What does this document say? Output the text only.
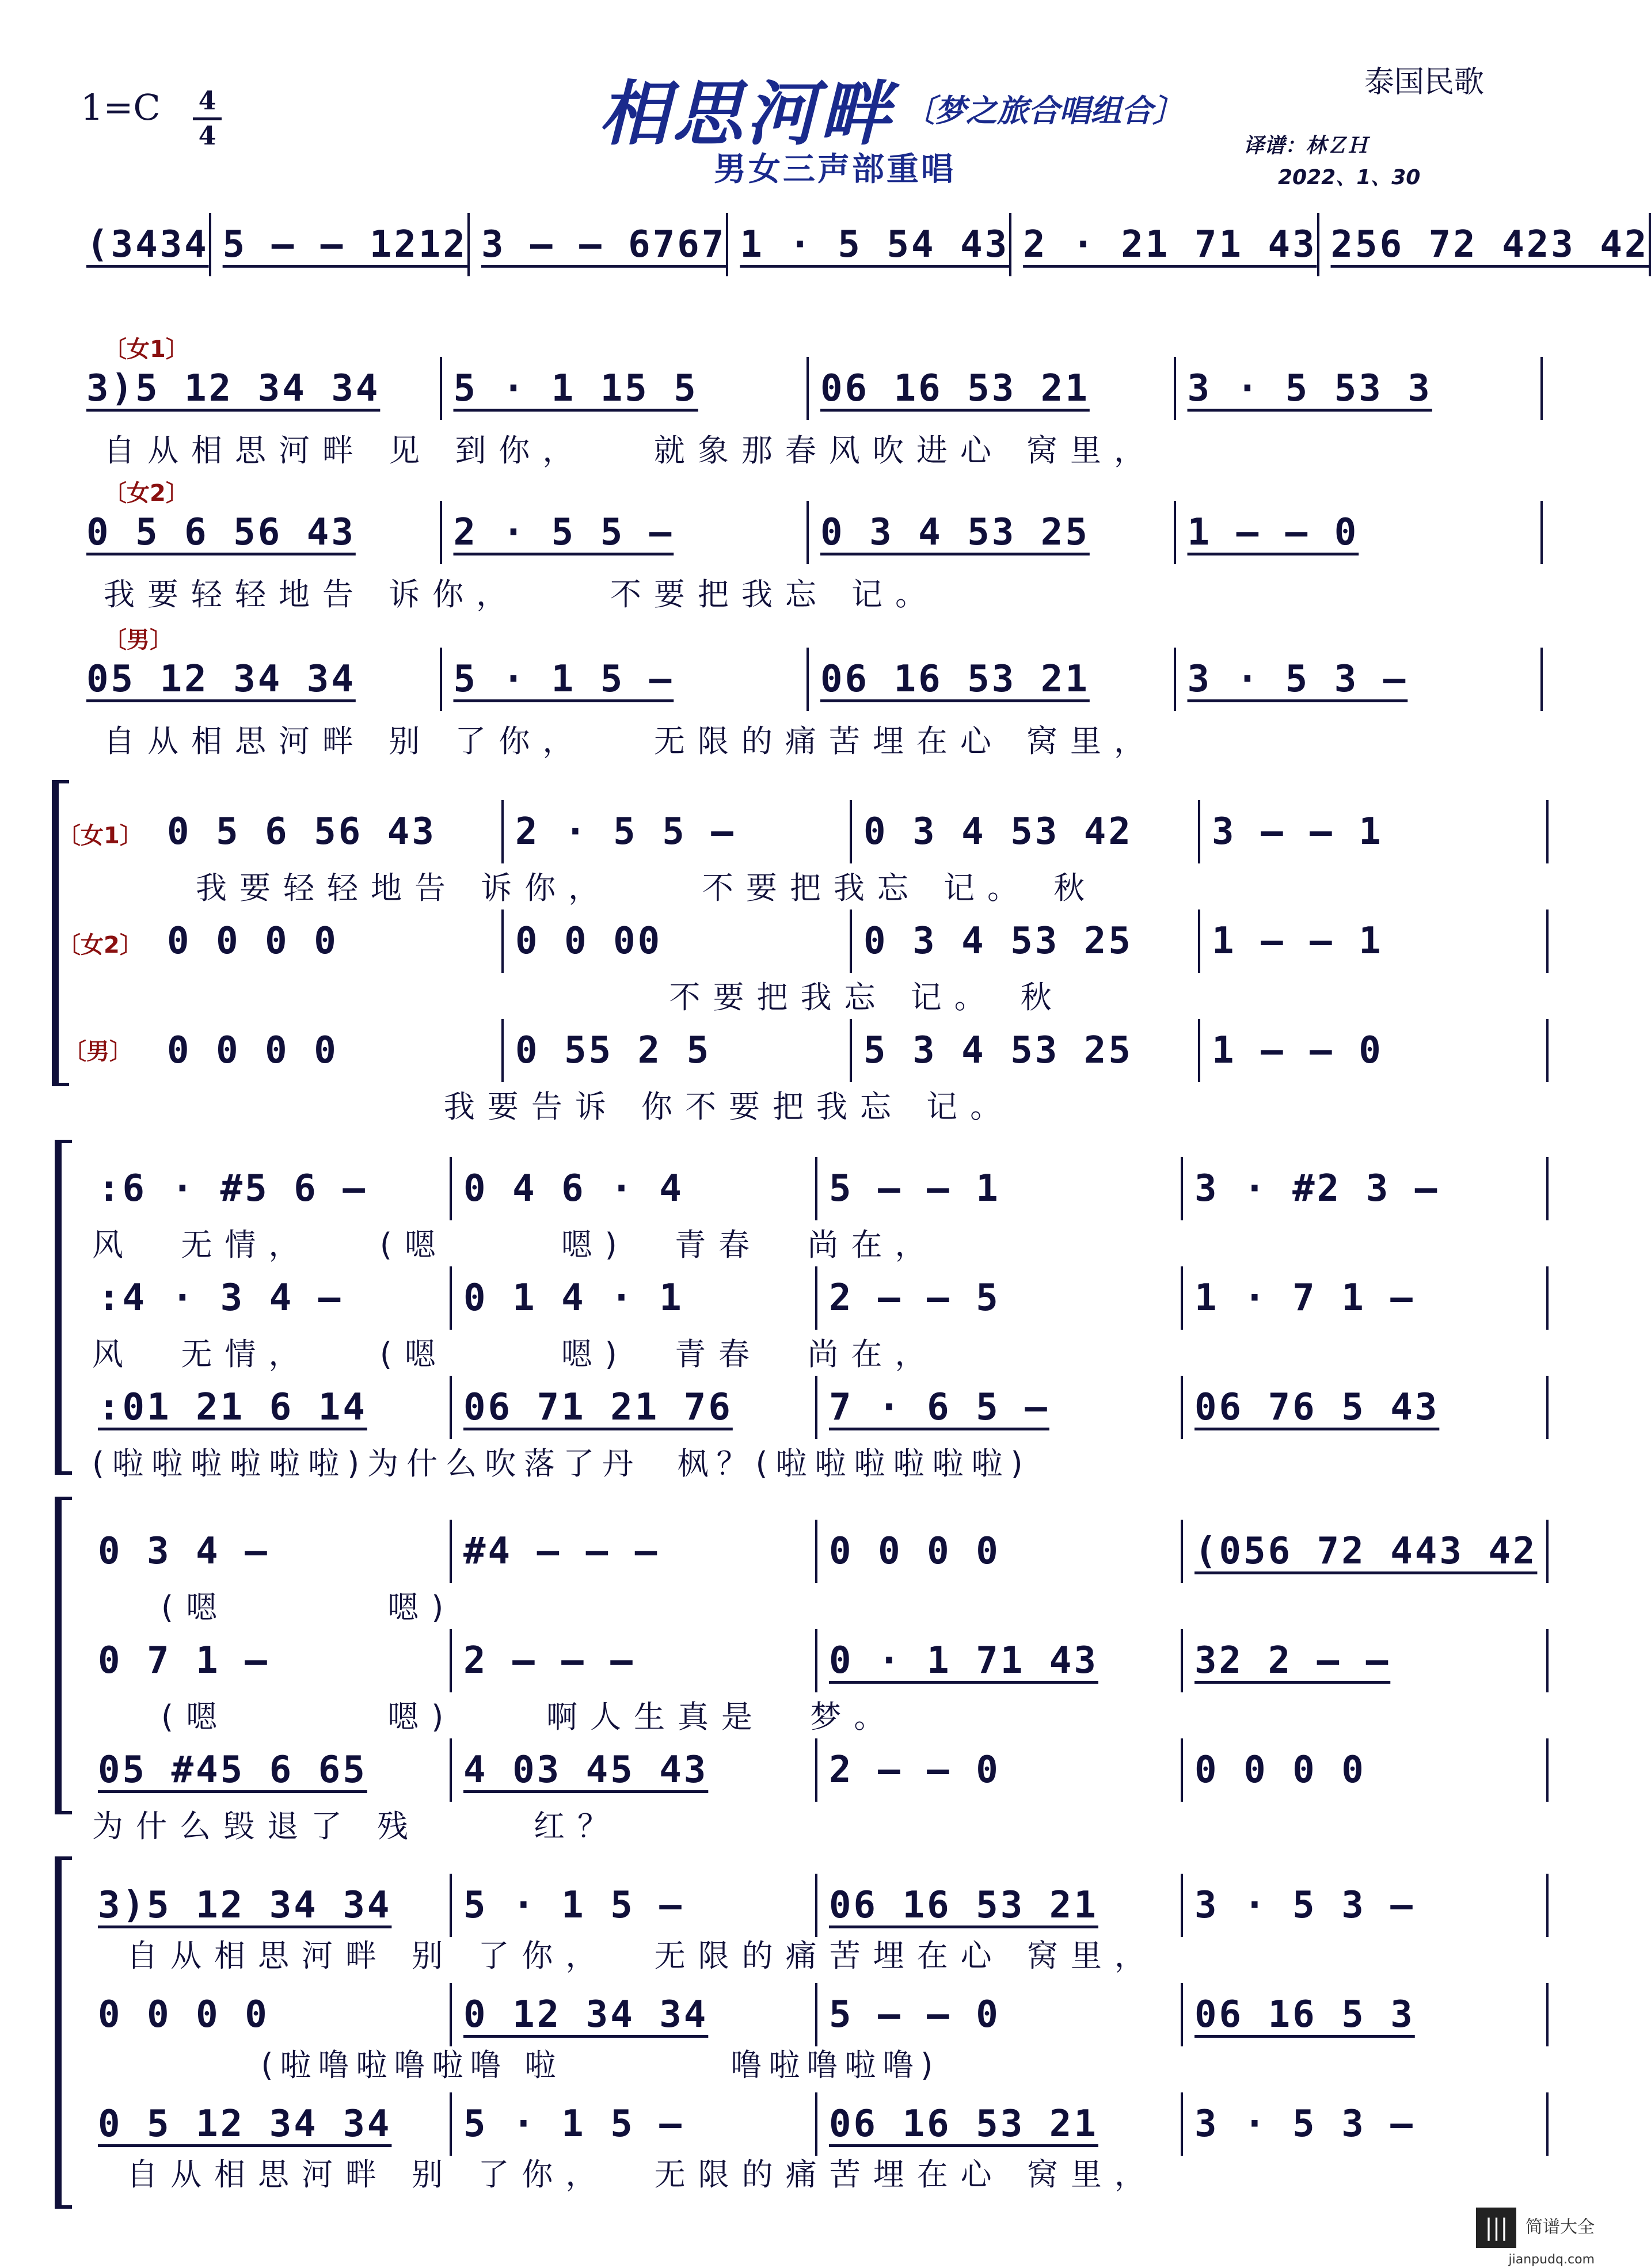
1=C 4
4	相思河畔 〔梦之旅合唱组合〕
男女三声部重唱
泰国民歌
译谱：林ＺＨ
2022、1、30
(3434 5 – – 1212 3 – – 6767 1 · 5 54 43 2 · 21 71 43 256 72 423 42
〔女1〕
3)5 12 34 34	5 · 1 15 5	06 16 53 21	3 · 5 53 3
自从相思河畔 见 到你，   就象那春风吹进心 窝里，
〔女2〕
0 5 6 56 43	2 · 5 5 –	0 3 4 53 25	1 – – 0
我要轻轻地告 诉你，    不要把我忘 记。
〔男〕
05 12 34 34	5 · 1 5 –	06 16 53 21	3 · 5 3 –
自从相思河畔 别 了你，   无限的痛苦埋在心 窝里，
〔女1〕
〔女2〕
〔男〕
0 5 6 56 43	2 · 5 5 –	0 3 4 53 42	3 – – 1
我要轻轻地告 诉你，    不要把我忘 记。 秋
0 0 0 0	0 0 00	0 3 4 53 25	1 – – 1
不要把我忘 记。 秋
0 0 0 0	0 55 2 5	5 3 4 53 25	1 – – 0
我要告诉 你不要把我忘 记。
:6 · #5 6 –	0 4 6 · 4	5 – – 1	3 · #2 3 –
风  无情，   (嗯     嗯)  青春  尚在，
:4 · 3 4 –	0 1 4 · 1	2 – – 5	1 · 7 1 –
风  无情，   (嗯     嗯)  青春  尚在，
:01 21 6 14	06 71 21 76	7 · 6 5 –	06 76 5 43
(啦啦啦啦啦啦)为什么吹落了丹  枫？(啦啦啦啦啦啦)
0 3 4 –	#4 – – –	0 0 0 0	(056 72 443 42
(嗯       嗯)
0 7 1 –	2 – – –	0 · 1 71 43	32 2 – –
(嗯       嗯)    啊人生真是  梦。
05 #45 6 65	4 03 45 43	2 – – 0	0 0 0 0
为什么毁退了 残     红？
3)5 12 34 34	5 · 1 5 –	06 16 53 21	3 · 5 3 –
自从相思河畔 别 了你，  无限的痛苦埋在心 窝里，
0 0 0 0	0 12 34 34	5 – – 0	06 16 5 3
(啦噜啦噜啦噜 啦          噜啦噜啦噜)
0 5 12 34 34	5 · 1 5 –	06 16 53 21	3 · 5 3 –
自从相思河畔 别 了你，  无限的痛苦埋在心 窝里，
||| 简谱大全
jianpudq.com
